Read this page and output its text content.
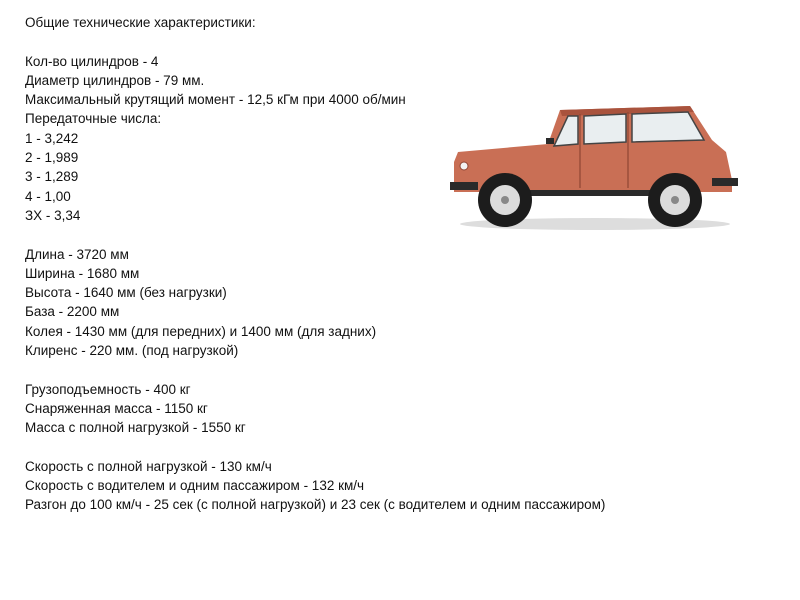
Общие технические характеристики:
Кол-во цилиндров - 4
Диаметр цилиндров - 79 мм.
Максимальный крутящий момент - 12,5 кГм при 4000 об/мин
Передаточные числа:
1 - 3,242
2 - 1,989
3 - 1,289
4 - 1,00
ЗХ - 3,34
Длина - 3720 мм
Ширина - 1680 мм
Высота - 1640 мм (без нагрузки)
База - 2200 мм
Колея - 1430 мм (для передних) и 1400 мм (для задних)
Клиренс - 220 мм. (под нагрузкой)
Грузоподъемность - 400 кг
Снаряженная масса - 1150 кг
Масса с полной нагрузкой - 1550 кг
Скорость с полной нагрузкой - 130 км/ч
Скорость с водителем и одним пассажиром - 132 км/ч
Разгон до 100 км/ч - 25 сек (с полной нагрузкой) и 23 сек (с водителем и одним пассажиром)
